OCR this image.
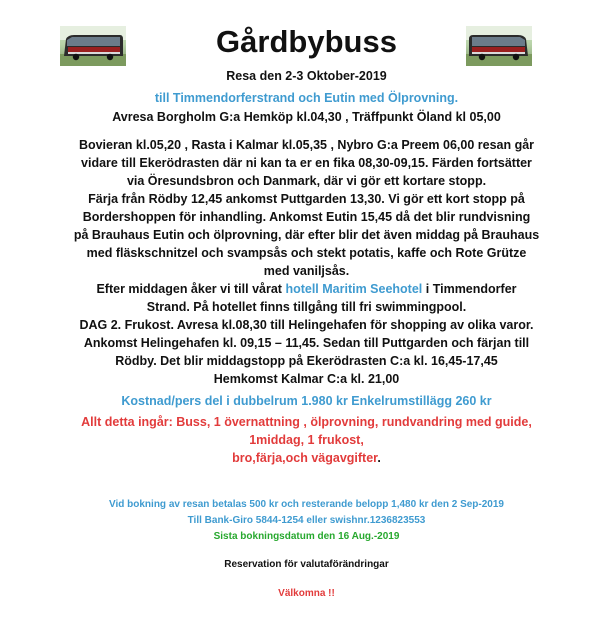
Gårdbybuss
Resa den 2-3 Oktober-2019
till Timmendorferstrand och Eutin med Ölprovning.
Avresa Borgholm G:a Hemköp kl.04,30 , Träffpunkt Öland kl 05,00
Bovieran kl.05,20 , Rasta i Kalmar kl.05,35 , Nybro G:a Preem 06,00 resan går
vidare till Ekerödrasten där ni kan ta er en fika 08,30-09,15. Färden fortsätter
via Öresundsbron och Danmark, där vi gör ett kortare stopp.
Färja från Rödby 12,45 ankomst Puttgarden 13,30. Vi gör ett kort stopp på
Bordershoppen för inhandling. Ankomst Eutin 15,45 då det blir rundvisning
på Brauhaus Eutin och ölprovning, där efter blir det även middag på Brauhaus
med fläskschnitzel och svampsås och stekt potatis, kaffe och Rote Grütze
med vaniljsås.
Efter middagen åker vi till vårat hotell Maritim Seehotel i Timmendorfer
Strand. På hotellet finns tillgång till fri swimmingpool.
DAG 2. Frukost. Avresa kl.08,30 till Helingehafen för shopping av olika varor.
Ankomst Helingehafen kl. 09,15 – 11,45. Sedan till Puttgarden och färjan till
Rödby. Det blir middagstopp på Ekerödrasten C:a kl. 16,45-17,45
Hemkomst Kalmar C:a kl. 21,00
Kostnad/pers del i dubbelrum 1.980 kr Enkelrumstillägg 260 kr
Allt detta ingår: Buss, 1 övernattning , ölprovning, rundvandring med guide,
1middag, 1 frukost,
bro,färja,och vägavgifter.
Vid bokning av resan betalas 500 kr och resterande belopp 1,480 kr den 2 Sep-2019
Till Bank-Giro 5844-1254 eller swishnr.1236823553
Sista bokningsdatum den 16 Aug.-2019
Reservation för valutaförändringar
Välkomna !!
